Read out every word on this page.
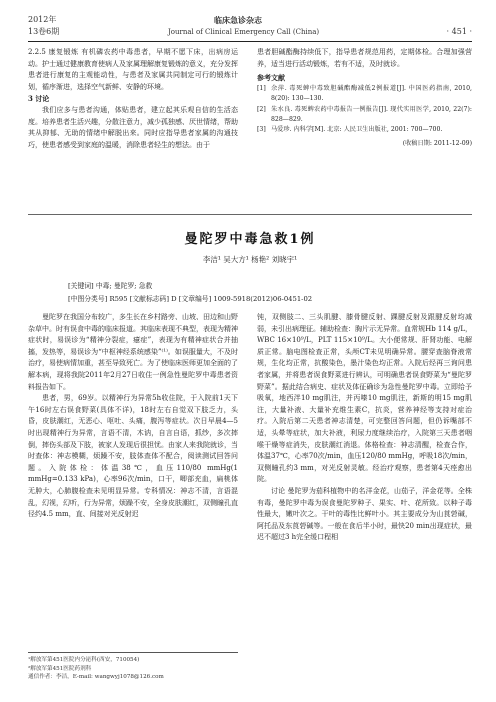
2012年
13卷6期
临床急诊杂志
Journal of Clinical Emergency Call (China)	· 451 ·

2.2.5 康复锻炼 有机磷农药中毒患者，早期不愿下床，出病房运动。护士通过健康教育使病人及家属理解康复锻炼的意义，充分发挥患者进行康复的主观能动性，与患者及家属共同制定可行的锻炼计划，循序渐进，选择空气新鲜、安静的环境。

3 讨论

我们应多与患者沟通，体贴患者，建立起其乐观自信的生活态度。培养患者生活兴趣，分散注意力，减少孤独感、厌世情绪，帮助其从抑郁、无助的情绪中解脱出来。同时应指导患者家属的沟通技巧，使患者感受到家庭的温暖，消除患者轻生的想法。由于

患者胆碱酯酶持续低下，指导患者规范用药，定期体检。合理加强营养，适当进行活动锻炼，若有不适，及时就诊。

参考文献

[1] 余萍. 毒死蜱中毒致胆碱酯酶减低2例报道[J]. 中国医药指南, 2010, 8(20): 130—130.

[2] 朱水良. 毒死蜱农药中毒报告一例报告[J]. 现代实用医学, 2010, 22(7): 828—829.

[3] 马爱珍. 内科学[M]. 北京: 人民卫生出版社, 2001: 700—700.

(收稿日期: 2011-12-09)
曼陀罗中毒急救1例
李洁¹ 吴大方¹ 杨艳² 刘晓宇¹
[关键词] 中毒; 曼陀罗; 急救
[中图分类号] R595 [文献标志码] D [文章编号] 1009-5918(2012)06-0451-02

曼陀罗在我国分布较广，多生长在乡村路旁、山坡、田边和山野杂草中。时有误食中毒的临床报道。其临床表现不典型，表现为精神症状时，易误诊为“精神分裂症，癔症”，表现为有精神症状合并抽搐，发热等，易误诊为“中枢神经系统感染”⁽¹⁾。如误服量大，不及时治疗，易使病情加重，甚至导致死亡。为了使临床医师更加全面的了解本病，现将我院2011年2月27日收住一例急性曼陀罗中毒患者资料报告如下。

患者，男，69岁。以精神行为异常5h收住院，于入院前1天下午16时左右误食野菜(具体不详)，18时左右自觉双下肢乏力，头昏，皮肤潮红，无恶心、呕吐、头痛，腹泻等症状。次日早晨4—5时出现精神行为异常，言语不清，木讷，自言自语，抓纱，多次摔倒，摔伤头部及下肢，被家人发现后很担忧。由家人来我院就诊，当时查体：神志模糊，烦躁不安，肢体查体不配合，阅读测试回答问题。入院体检：体温38℃，血压110/80 mmHg(1 mmHg=0.133 kPa)，心率96次/min，口干，唧部充血，扁桃体无肿大，心肺腹检查未见明显异常。专科情况：神志不清，言语混乱，幻视，幻听，行为异常，烦躁不安，全身皮肤潮红，双侧瞳孔直径约4.5 mm，直、间接对光反射迟

钝，双侧肢二、三头肌腱、膝骨腱反射、踝腱反射及跟腱反射均减弱，未引出病理征。辅助检查：胸片示无异常。血常规Hb 114 g/L，WBC 16×10⁹/L，PLT 115×10⁹/L。大小便常规、肝肾功能、电解质正常。脑电图检查正常，头颅CT未见明确异常。腰穿查脑脊液常规，生化均正常，抗酸染色，墨汁染色均正常。入院后经再三询问患者家属，并将患者误食野菜进行辨认，可明确患者误食野菜为“曼陀罗野菜”。据此结合病史、症状及体征确诊为急性曼陀罗中毒。立即给予吸氧，地西泮10 mg肌注，并丙嗪10 mg肌注，新斯的明15 mg肌注，大量补液、大量补充维生素C，抗炎，营养神经等支持对症治疗。入院后第二天患者神志清楚，可完整回答问题，但仍诉嘴部不适，头晕等症状，加大补液，利尿力度继续治疗，入院第三天患者咽喉干燥等症消失，皮肤潮红消退。体格检查：神志清醒，检查合作，体温37℃，心率70次/min，血压120/80 mmHg，呼吸18次/min，双侧瞳孔约3 mm，对光反射灵敏。经治疗观察，患者第4天痊愈出院。

讨论 曼陀罗为茄科植物中的名洋金花，山茄子，洋金花等。全株有毒，曼陀罗中毒为误食曼陀罗种子、果实、叶、花所致。以种子毒性最大，嫩叶次之。干叶的毒性比鲜叶小。其主要成分为山莨菪碱，阿托品及东莨菪碱等。一般在食后半小时，最快20 min出现症状，最迟不超过3 h完全缓口程相

¹解放军第451医院内分泌科(西安，710054)
²解放军第451医院药剂科
通信作者：李洁，E-mail: wangwyj1078@126.com
